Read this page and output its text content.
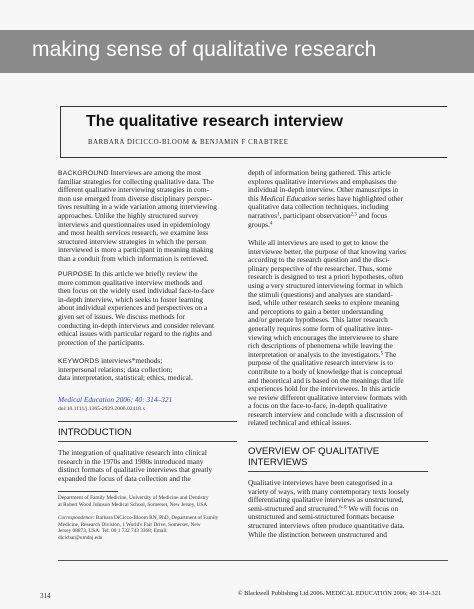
making sense of qualitative research
The qualitative research interview
BARBARA DICICCO-BLOOM & BENJAMIN F CRABTREE
BACKGROUND Interviews are among the most
familiar strategies for collecting qualitative data. The
different qualitative interviewing strategies in com-
mon use emerged from diverse disciplinary perspec-
tives resulting in a wide variation among interviewing
approaches. Unlike the highly structured survey
interviews and questionnaires used in epidemiology
and most health services research, we examine less
structured interview strategies in which the person
interviewed is more a participant in meaning making
than a conduit from which information is retrieved.
PURPOSE In this article we briefly review the
more common qualitative interview methods and
then focus on the widely used individual face-to-face
in-depth interview, which seeks to foster learning
about individual experiences and perspectives on a
given set of issues. We discuss methods for
conducting in-depth interviews and consider relevant
ethical issues with particular regard to the rights and
protection of the participants.
KEYWORDS interviews*methods;
interpersonal relations; data collection;
data interpretation, statistical; ethics, medical.
Medical Education 2006; 40: 314–321
doi:10.1111/j.1365-2929.2006.02418.x
INTRODUCTION
The integration of qualitative research into clinical
research in the 1970s and 1980s introduced many
distinct formats of qualitative interviews that greatly
expanded the focus of data collection and the
Department of Family Medicine, University of Medicine and Dentistry
at Robert Wood Johnson Medical School, Somerset, New Jersey, USA
Correspondence: Barbara DiCicco-Bloom RN, PhD, Department of Family
Medicine, Research Division, 1 World's Fair Drive, Somerset, New
Jersey 08873, USA. Tel: 00 1 732 743 3368; Email:
dicicbar@umdnj.edu
depth of information being gathered. This article
explores qualitative interviews and emphasises the
individual in-depth interview. Other manuscripts in
this Medical Education series have highlighted other
qualitative data collection techniques, including
narratives$^1$, participant observation$^{2,3}$ and focus
groups.$^4$
While all interviews are used to get to know the
interviewee better, the purpose of that knowing varies
according to the research question and the disci-
plinary perspective of the researcher. Thus, some
research is designed to test a priori hypotheses, often
using a very structured interviewing format in which
the stimuli (questions) and analyses are standard-
ised, while other research seeks to explore meaning
and perceptions to gain a better understanding
and/or generate hypotheses. This latter research
generally requires some form of qualitative inter-
viewing which encourages the interviewee to share
rich descriptions of phenomena while leaving the
interpretation or analysis to the investigators.$^5$ The
purpose of the qualitative research interview is to
contribute to a body of knowledge that is conceptual
and theoretical and is based on the meanings that life
experiences hold for the interviewees. In this article
we review different qualitative interview formats with
a focus on the face-to-face, in-depth qualitative
research interview and conclude with a discussion of
related technical and ethical issues.
OVERVIEW OF QUALITATIVE
INTERVIEWS
Qualitative interviews have been categorised in a
variety of ways, with many contemporary texts loosely
differentiating qualitative interviews as unstructured,
semi-structured and structured.$^{6-8}$ We will focus on
unstructured and semi-structured formats because
structured interviews often produce quantitative data.
While the distinction between unstructured and
314	© Blackwell Publishing Ltd 2006. MEDICAL EDUCATION 2006; 40: 314–321
